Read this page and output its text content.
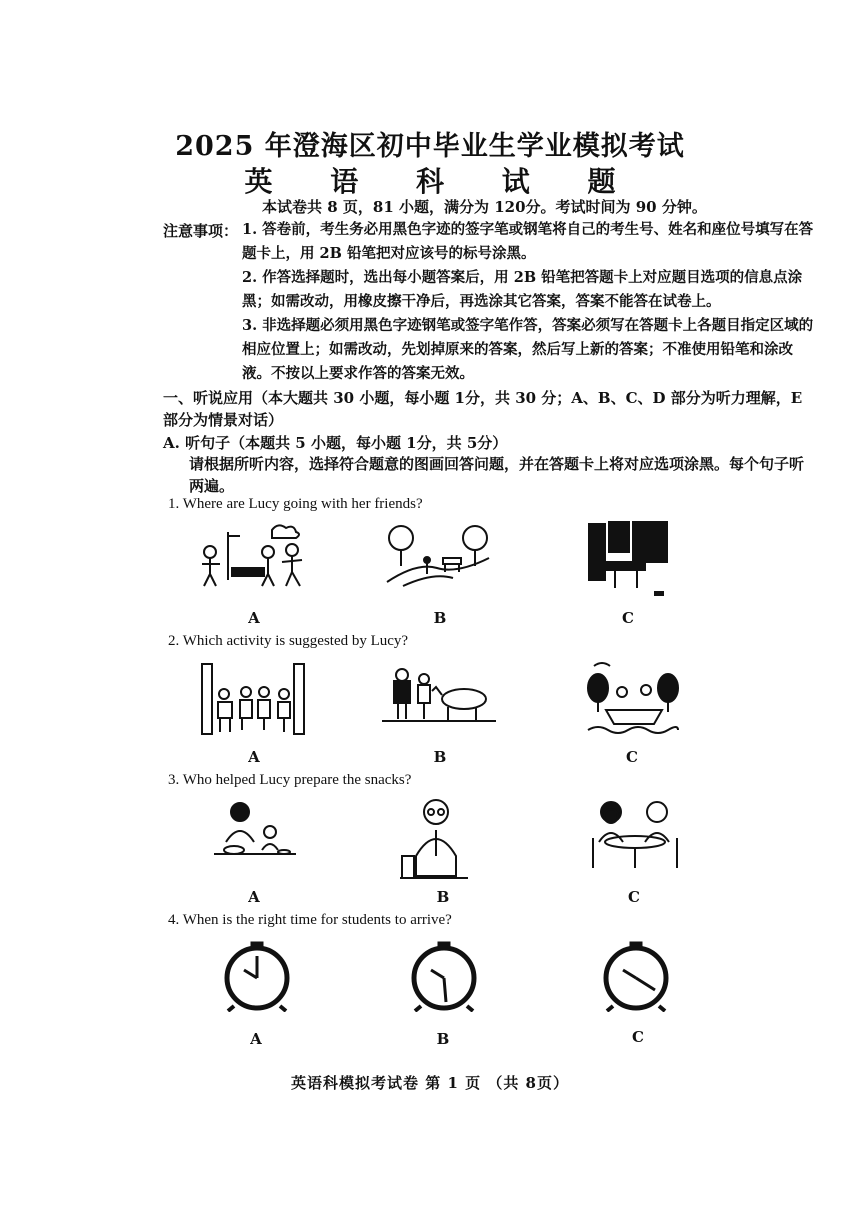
2025 年澄海区初中毕业生学业模拟考试
英 语 科 试 题
本试卷共 8 页，81 小题，满分为 120分。考试时间为 90 分钟。
注意事项： 1. 答卷前，考生务必用黑色字迹的签字笔或钢笔将自己的考生号、姓名和座位号填写在答题卡上，用 2B 铅笔把对应该号的标号涂黑。
2. 作答选择题时，选出每小题答案后，用 2B 铅笔把答题卡上对应题目选项的信息点涂黑；如需改动，用橡皮擦干净后，再选涂其它答案，答案不能答在试卷上。
3. 非选择题必须用黑色字迹钢笔或签字笔作答，答案必须写在答题卡上各题目指定区域的相应位置上；如需改动，先划掉原来的答案，然后写上新的答案；不准使用铅笔和涂改液。不按以上要求作答的答案无效。
一、听说应用（本大题共 30 小题，每小题 1分，共 30 分；A、B、C、D 部分为听力理解，E 部分为情景对话）
A. 听句子（本题共 5 小题，每小题 1分，共 5分）
请根据所听内容，选择符合题意的图画回答问题，并在答题卡上将对应选项涂黑。每个句子听两遍。
1. Where are Lucy going with her friends?
A	B	C
2. Which activity is suggested by Lucy?
A	B	C
3. Who helped Lucy prepare the snacks?
A	B	C
4. When is the right time for students to arrive?
A	B	C
英语科模拟考试卷 第 1 页 （共 8页）
